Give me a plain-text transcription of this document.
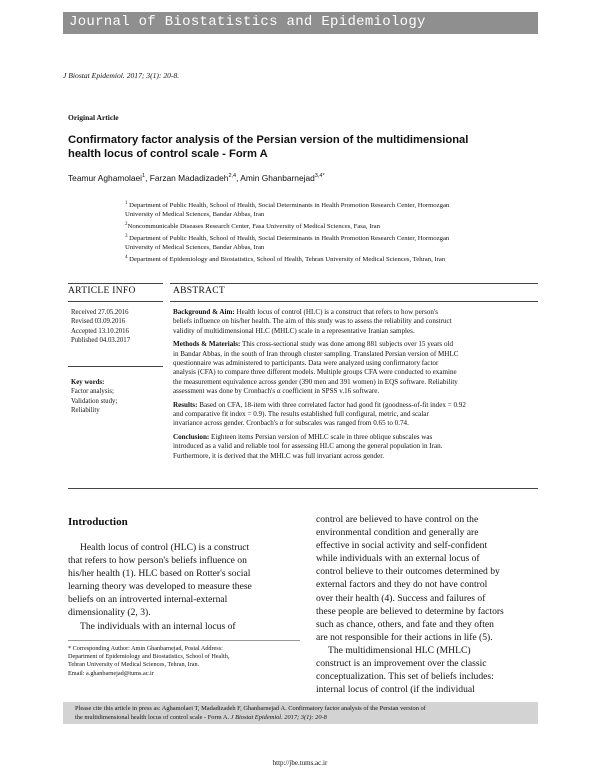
Journal of Biostatistics and Epidemiology
J Biostat Epidemiol. 2017; 3(1): 20-8.
Original Article
Confirmatory factor analysis of the Persian version of the multidimensional
health locus of control scale - Form A
Teamur Aghamolaei$^1$, Farzan Madadizadeh$^{2,4}$, Amin Ghanbarnejad$^{3,4*}$
$^1$ Department of Public Health, School of Health, Social Determinants in Health Promotion Research Center, Hormozgan
University of Medical Sciences, Bandar Abbas, Iran
$^2$Noncommunicable Diseases Research Center, Fasa University of Medical Sciences, Fasa, Iran
$^3$ Department of Public Health, School of Health, Social Determinants in Health Promotion Research Center, Hormozgan
University of Medical Sciences, Bandar Abbas, Iran
$^4$ Department of Epidemiology and Biostatistics, School of Health, Tehran University of Medical Sciences, Tehran, Iran
ARTICLE INFO	ABSTRACT
Received 27.05.2016
Revised 03.09.2016
Accepted 13.10.2016
Published 04.03.2017
Key words:
Factor analysis;
Validation study;
Reliability
Background & Aim: Health locus of control (HLC) is a construct that refers to how person's
beliefs influence on his/her health. The aim of this study was to assess the reliability and construct
validity of multidimensional HLC (MHLC) scale in a representative Iranian samples.
Methods & Materials: This cross-sectional study was done among 881 subjects over 15 years old
in Bandar Abbas, in the south of Iran through cluster sampling. Translated Persian version of MHLC
questionnaire was administered to participants. Data were analyzed using confirmatory factor
analysis (CFA) to compare three different models. Multiple groups CFA were conducted to examine
the measurement equivalence across gender (390 men and 391 women) in EQS software. Reliability
assessment was done by Cronbach's α coefficient in SPSS v.16 software.
Results: Based on CFA, 18-item with three correlated factor had good fit (goodness-of-fit index = 0.92
and comparative fit index = 0.9). The results established full configural, metric, and scalar
invariance across gender. Cronbach's α for subscales was ranged from 0.65 to 0.74.
Conclusion: Eighteen items Persian version of MHLC scale in three oblique subscales was
introduced as a valid and reliable tool for assessing HLC among the general population in Iran.
Furthermore, it is derived that the MHLC was full invariant across gender.
Introduction

Health locus of control (HLC) is a construct

that refers to how person's beliefs influence on

his/her health (1). HLC based on Rotter's social

learning theory was developed to measure these

beliefs on an introverted internal-external

dimensionality (2, 3).

The individuals with an internal locus of

control are believed to have control on the

environmental condition and generally are

effective in social activity and self-confident

while individuals with an external locus of

control believe to their outcomes determined by

external factors and they do not have control

over their health (4). Success and failures of

these people are believed to determine by factors

such as chance, others, and fate and they often

are not responsible for their actions in life (5).

The multidimensional HLC (MHLC)

construct is an improvement over the classic

conceptualization. This set of beliefs includes:

internal locus of control (if the individual

* Corresponding Author: Amin Ghanbarnejad, Postal Address:
Department of Epidemiology and Biostatistics, School of Health,
Tehran University of Medical Sciences, Tehran, Iran.
Email: a.ghanbarnejad@tums.ac.ir
Please cite this article in press as: Aghamolaei T, Madadizadeh F, Ghanbarnejad A. Confirmatory factor analysis of the Persian version of
the multidimensional health locus of control scale - Form A. J Biostat Epidemiol. 2017; 3(1): 20-8
http://jbe.tums.ac.ir
